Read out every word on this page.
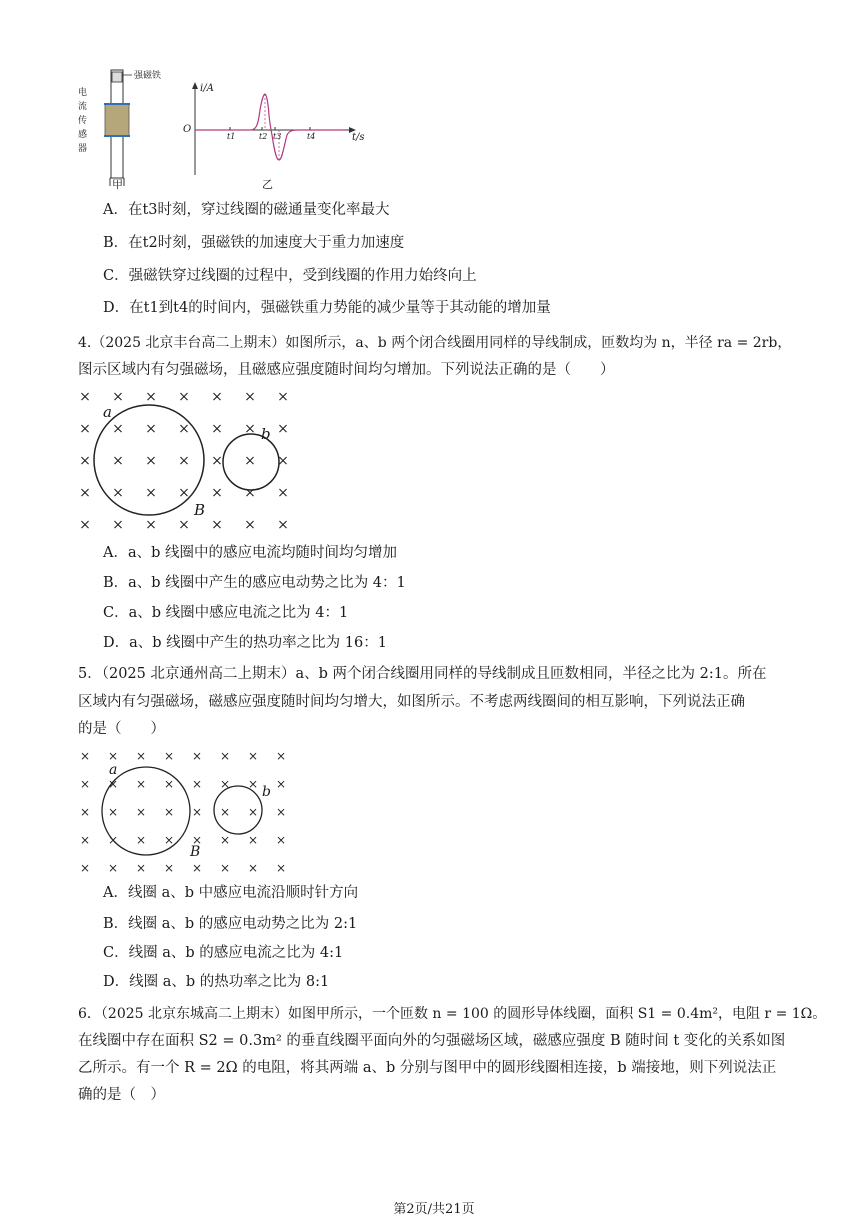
强磁铁
电
流
传
感
器
甲
i/A
t/s
O
t1	t2 t3	t4
乙
A．在t3时刻，穿过线圈的磁通量变化率最大
B．在t2时刻，强磁铁的加速度大于重力加速度
C．强磁铁穿过线圈的过程中，受到线圈的作用力始终向上
D．在t1到t4的时间内，强磁铁重力势能的减少量等于其动能的增加量
4.（2025 北京丰台高二上期末）如图所示，a、b 两个闭合线圈用同样的导线制成，匝数均为 n，半径 ra = 2rb，
图示区域内有匀强磁场，且磁感应强度随时间均匀增加。下列说法正确的是（　　）
× × × × × × ×
× × × × × × ×
× × × × × × ×
× × × × × × ×
× × × × × × ×
a
b
B
A．a、b 线圈中的感应电流均随时间均匀增加
B．a、b 线圈中产生的感应电动势之比为 4：1
C．a、b 线圈中感应电流之比为 4：1
D．a、b 线圈中产生的热功率之比为 16：1
5．（2025 北京通州高二上期末）a、b 两个闭合线圈用同样的导线制成且匝数相同，半径之比为 2:1。所在
区域内有匀强磁场，磁感应强度随时间均匀增大，如图所示。不考虑两线圈间的相互影响，下列说法正确
的是（　　）
× × × × × × × ×
× × × × × × × ×
× × × × × × × ×
× × × × × × × ×
× × × × × × × ×
a
b
B
A．线圈 a、b 中感应电流沿顺时针方向
B．线圈 a、b 的感应电动势之比为 2:1
C．线圈 a、b 的感应电流之比为 4:1
D．线圈 a、b 的热功率之比为 8:1
6．（2025 北京东城高二上期末）如图甲所示，一个匝数 n = 100 的圆形导体线圈，面积 S1 = 0.4m²，电阻 r = 1Ω。
在线圈中存在面积 S2 = 0.3m² 的垂直线圈平面向外的匀强磁场区域，磁感应强度 B 随时间 t 变化的关系如图
乙所示。有一个 R = 2Ω 的电阻，将其两端 a、b 分别与图甲中的圆形线圈相连接，b 端接地，则下列说法正
确的是（　）
第2页/共21页
